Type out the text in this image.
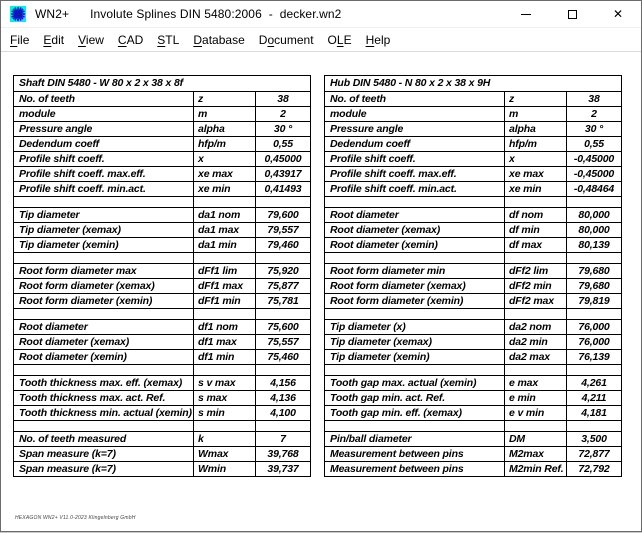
WN2+ Involute Splines DIN 5480:2006  -  decker.wn2	✕
File	Edit	View	CAD	STL	Database	Document	OLE	Help
Shaft DIN 5480 - W 80 x 2 x 38 x 8f		
No. of teeth	z	38
module	m	2
Pressure angle	alpha	30 °
Dedendum coeff	hfp/m	0,55
Profile shift coeff.	x	0,45000
Profile shift coeff. max.eff.	xe max	0,43917
Profile shift coeff. min.act.	xe min	0,41493

Tip diameter	da1 nom	79,600
Tip diameter (xemax)	da1 max	79,557
Tip diameter (xemin)	da1 min	79,460

Root form diameter max	dFf1 lim	75,920
Root form diameter (xemax)	dFf1 max	75,877
Root form diameter (xemin)	dFf1 min	75,781

Root diameter	df1 nom	75,600
Root diameter (xemax)	df1 max	75,557
Root diameter (xemin)	df1 min	75,460

Tooth thickness max. eff. (xemax)	s v max	4,156
Tooth thickness max. act. Ref.	s max	4,136
Tooth thickness min. actual (xemin)	s min	4,100

No. of teeth measured	k	7
Span measure (k=7)	Wmax	39,768
Span measure (k=7)	Wmin	39,737
Hub DIN 5480 - N 80 x 2 x 38 x 9H		
No. of teeth	z	38
module	m	2
Pressure angle	alpha	30 °
Dedendum coeff	hfp/m	0,55
Profile shift coeff.	x	-0,45000
Profile shift coeff. max.eff.	xe max	-0,45000
Profile shift coeff. min.act.	xe min	-0,48464

Root diameter	df nom	80,000
Root diameter (xemax)	df min	80,000
Root diameter (xemin)	df max	80,139

Root form diameter min	dFf2 lim	79,680
Root form diameter (xemax)	dFf2 min	79,680
Root form diameter (xemin)	dFf2 max	79,819

Tip diameter (x)	da2 nom	76,000
Tip diameter (xemax)	da2 min	76,000
Tip diameter (xemin)	da2 max	76,139

Tooth gap max. actual (xemin)	e max	4,261
Tooth gap min. act. Ref.	e min	4,211
Tooth gap min. eff. (xemax)	e v min	4,181

Pin/ball diameter	DM	3,500
Measurement between pins	M2max	72,877
Measurement between pins	M2min Ref.	72,792
HEXAGON WN2+ V11.0-2023 Klingelnberg GmbH
